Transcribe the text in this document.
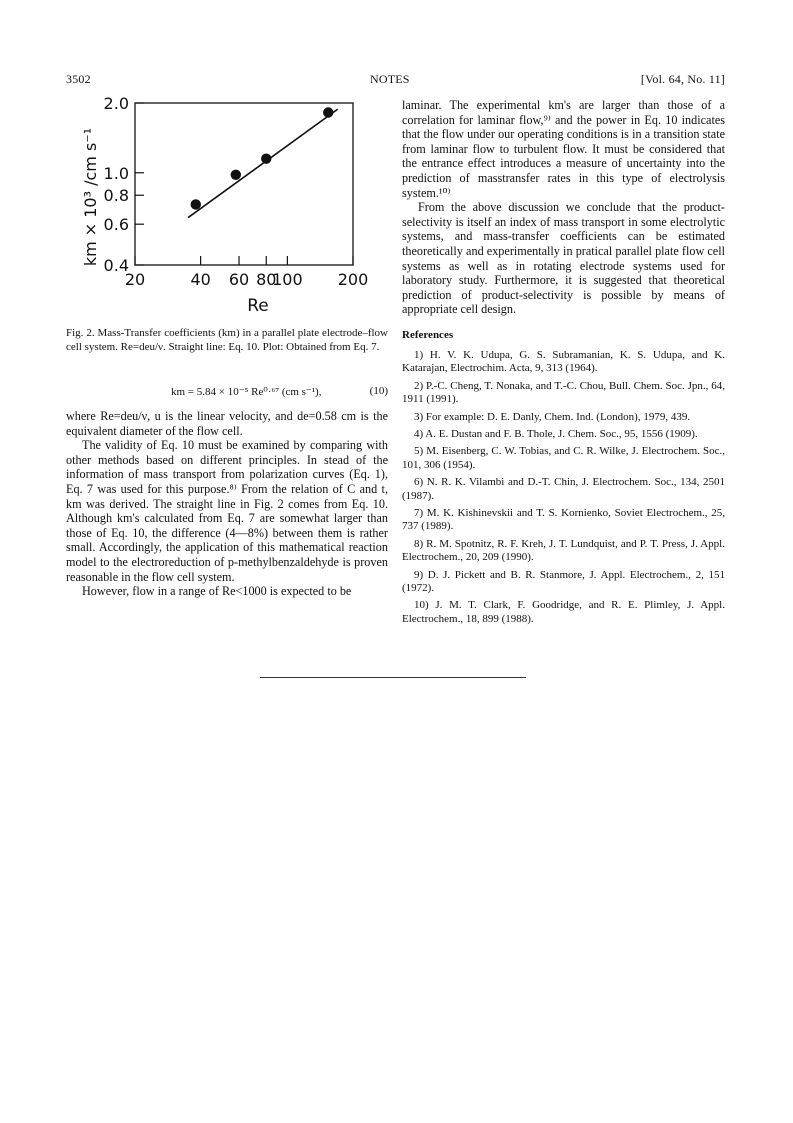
3502	NOTES	[Vol. 64, No. 11]
20	40 60 80
100 200
0.4
0.6
0.8
1.0
2.0
Re
km × 10³ /cm s⁻¹

Fig. 2. Mass-Transfer coefficients (km) in a parallel plate electrode–flow cell system. Re=deu/ν. Straight line: Eq. 10. Plot: Obtained from Eq. 7.

km = 5.84 × 10⁻⁵ Re⁰·⁶⁷ (cm s⁻¹),	(10)

where Re=deu/ν, u is the linear velocity, and de=0.58 cm is the equivalent diameter of the flow cell.

The validity of Eq. 10 must be examined by comparing with other methods based on different principles. In stead of the information of mass transport from polarization curves (Eq. 1), Eq. 7 was used for this purpose.⁸⁾ From the relation of C and t, km was derived. The straight line in Fig. 2 comes from Eq. 10. Although km's calculated from Eq. 7 are somewhat larger than those of Eq. 10, the difference (4—8%) between them is rather small. Accordingly, the application of this mathematical reaction model to the electroreduction of p-methylbenzaldehyde is proven reasonable in the flow cell system.

However, flow in a range of Re<1000 is expected to be

laminar. The experimental km's are larger than those of a correlation for laminar flow,⁹⁾ and the power in Eq. 10 indicates that the flow under our operating conditions is in a transition state from laminar flow to turbulent flow. It must be considered that the entrance effect introduces a measure of uncertainty into the prediction of masstransfer rates in this type of electrolysis system.¹⁰⁾

From the above discussion we conclude that the product-selectivity is itself an index of mass transport in some electrolytic systems, and mass-transfer coefficients can be estimated theoretically and experimentally in pratical parallel plate flow cell systems as well as in rotating electrode systems used for laboratory study. Furthermore, it is suggested that theoretical prediction of product-selectivity is possible by means of appropriate cell design.

References

1) H. V. K. Udupa, G. S. Subramanian, K. S. Udupa, and K. Katarajan, Electrochim. Acta, 9, 313 (1964).

2) P.-C. Cheng, T. Nonaka, and T.-C. Chou, Bull. Chem. Soc. Jpn., 64, 1911 (1991).

3) For example: D. E. Danly, Chem. Ind. (London), 1979, 439.

4) A. E. Dustan and F. B. Thole, J. Chem. Soc., 95, 1556 (1909).

5) M. Eisenberg, C. W. Tobias, and C. R. Wilke, J. Electrochem. Soc., 101, 306 (1954).

6) N. R. K. Vilambi and D.-T. Chin, J. Electrochem. Soc., 134, 2501 (1987).

7) M. K. Kishinevskii and T. S. Kornienko, Soviet Electrochem., 25, 737 (1989).

8) R. M. Spotnitz, R. F. Kreh, J. T. Lundquist, and P. T. Press, J. Appl. Electrochem., 20, 209 (1990).

9) D. J. Pickett and B. R. Stanmore, J. Appl. Electrochem., 2, 151 (1972).

10) J. M. T. Clark, F. Goodridge, and R. E. Plimley, J. Appl. Electrochem., 18, 899 (1988).
